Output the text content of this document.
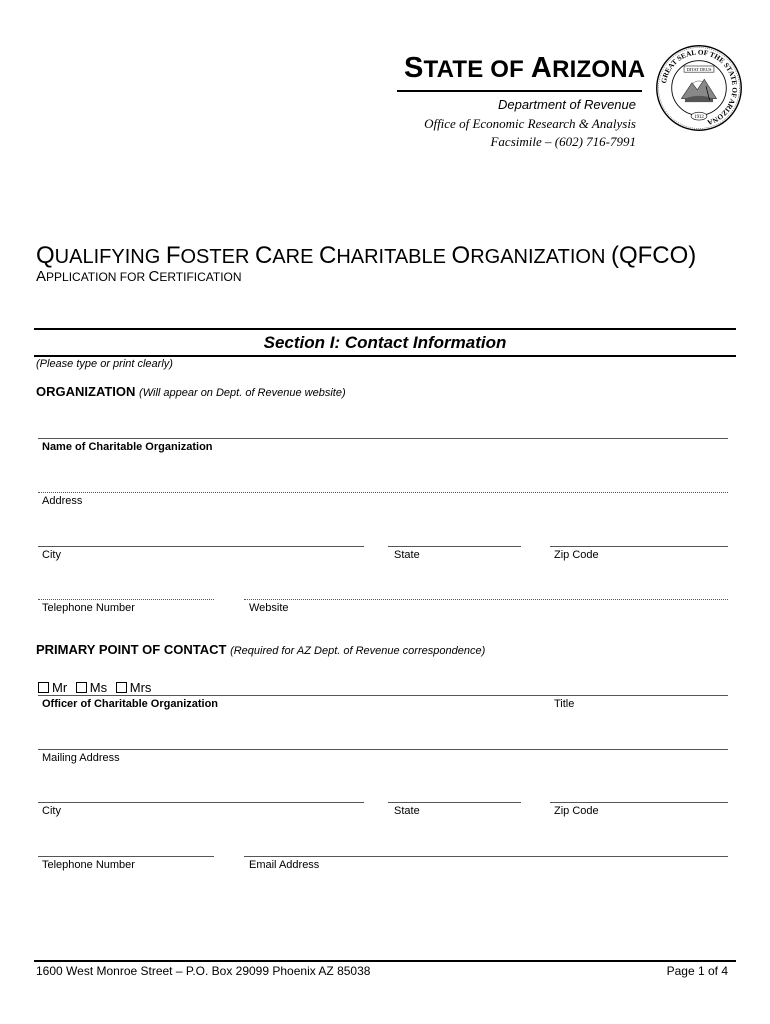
STATE OF ARIZONA
Department of Revenue
Office of Economic Research & Analysis
Facsimile – (602) 716-7991
GREAT SEAL OF THE STATE OF ARIZONA
DITAT DEUS
1912
QUALIFYING FOSTER CARE CHARITABLE ORGANIZATION (QFCO)
APPLICATION FOR CERTIFICATION
Section I: Contact Information
(Please type or print clearly)
ORGANIZATION (Will appear on Dept. of Revenue website)
Name of Charitable Organization
Address
City	State	Zip Code
Telephone Number	Website
PRIMARY POINT OF CONTACT (Required for AZ Dept. of Revenue correspondence)
Mr Ms Mrs
Officer of Charitable Organization	Title
Mailing Address
City	State	Zip Code
Telephone Number	Email Address
1600 West Monroe Street – P.O. Box 29099 Phoenix AZ 85038	Page 1 of 4
